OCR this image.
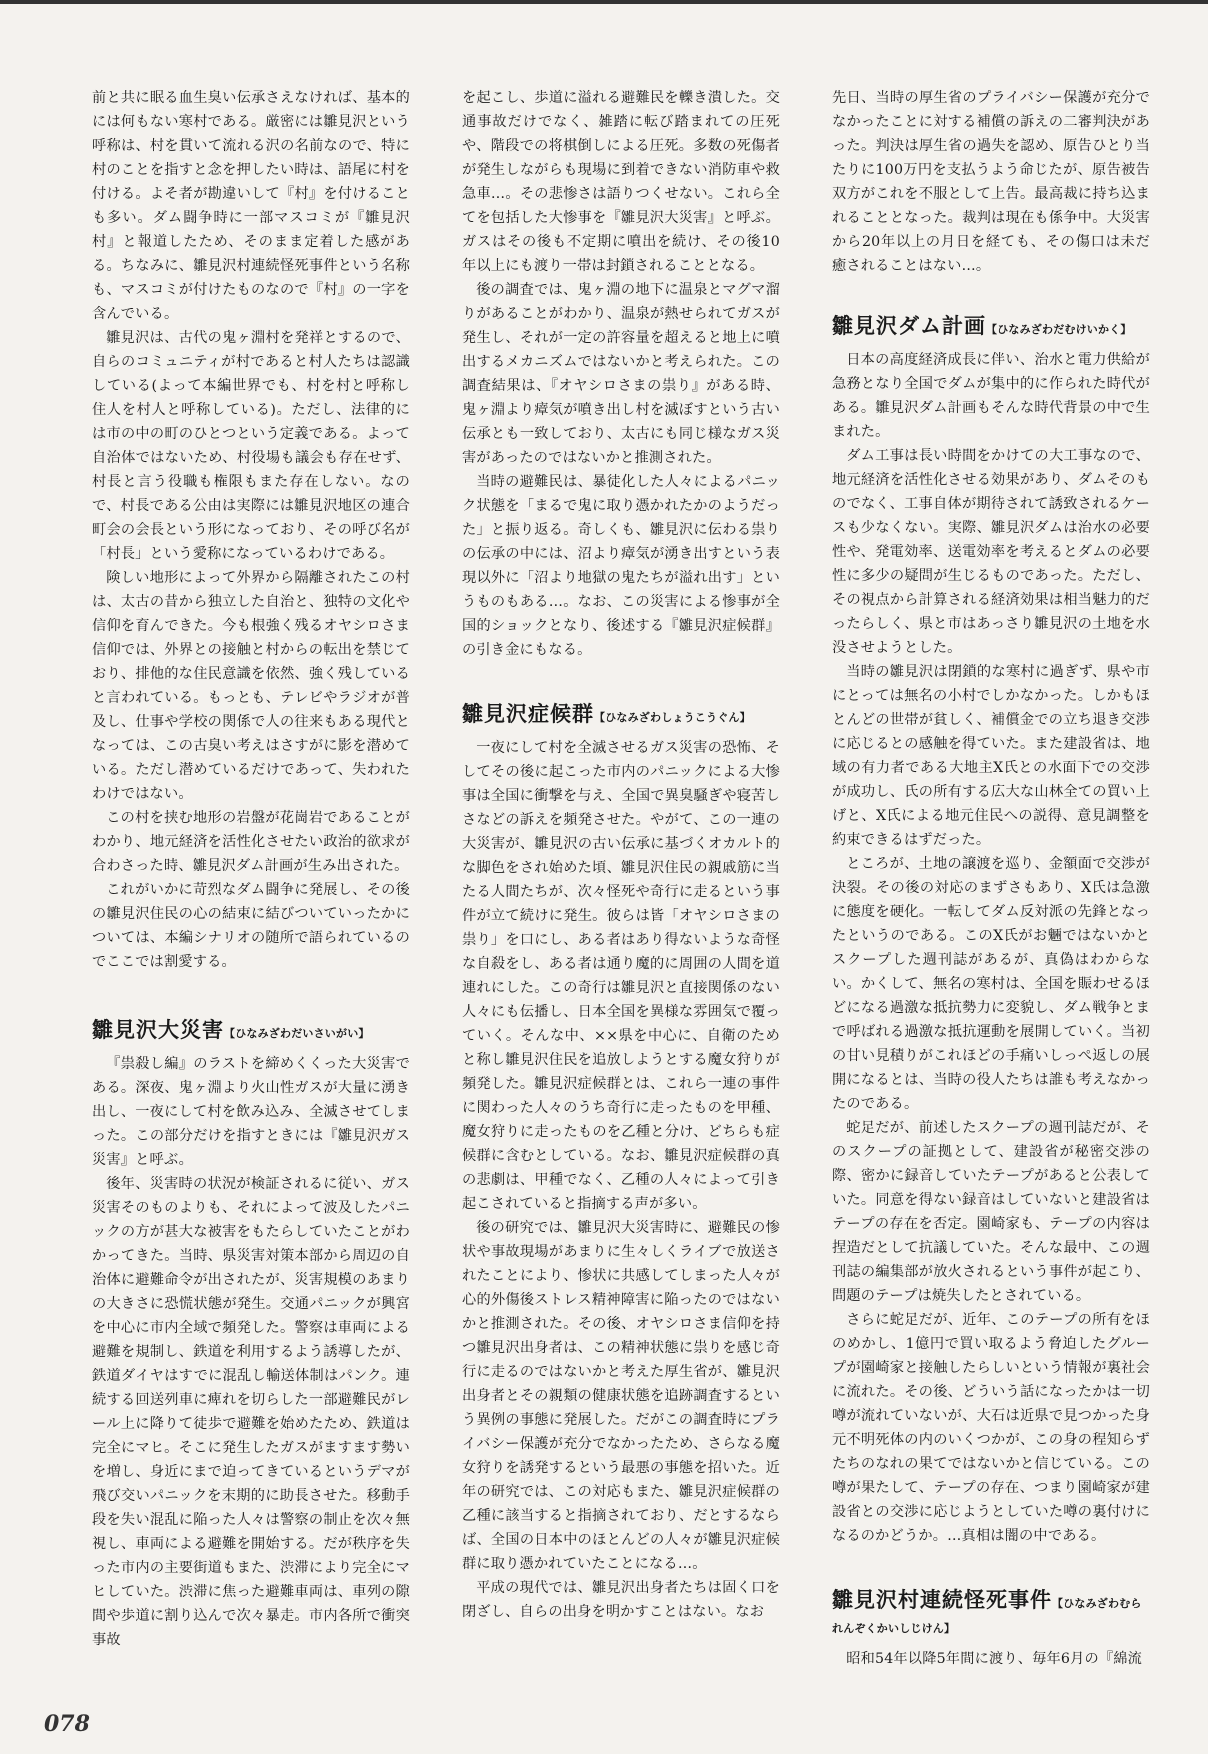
前と共に眠る血生臭い伝承さえなければ、基本的には何もない寒村である。厳密には雛見沢という呼称は、村を貫いて流れる沢の名前なので、特に村のことを指すと念を押したい時は、語尾に村を付ける。よそ者が勘違いして『村』を付けることも多い。ダム闘争時に一部マスコミが『雛見沢村』と報道したため、そのまま定着した感がある。ちなみに、雛見沢村連続怪死事件という名称も、マスコミが付けたものなので『村』の一字を含んでいる。

雛見沢は、古代の鬼ヶ淵村を発祥とするので、自らのコミュニティが村であると村人たちは認識している(よって本編世界でも、村を村と呼称し住人を村人と呼称している)。ただし、法律的には市の中の町のひとつという定義である。よって自治体ではないため、村役場も議会も存在せず、村長と言う役職も権限もまた存在しない。なので、村長である公由は実際には雛見沢地区の連合町会の会長という形になっており、その呼び名が「村長」という愛称になっているわけである。

険しい地形によって外界から隔離されたこの村は、太古の昔から独立した自治と、独特の文化や信仰を育んできた。今も根強く残るオヤシロさま信仰では、外界との接触と村からの転出を禁じており、排他的な住民意識を依然、強く残していると言われている。もっとも、テレビやラジオが普及し、仕事や学校の関係で人の往来もある現代となっては、この古臭い考えはさすがに影を潜めている。ただし潜めているだけであって、失われたわけではない。

この村を挟む地形の岩盤が花崗岩であることがわかり、地元経済を活性化させたい政治的欲求が合わさった時、雛見沢ダム計画が生み出された。

これがいかに苛烈なダム闘争に発展し、その後の雛見沢住民の心の結束に結びついていったかについては、本編シナリオの随所で語られているのでここでは割愛する。

雛見沢大災害【ひなみざわだいさいがい】

『祟殺し編』のラストを締めくくった大災害である。深夜、鬼ヶ淵より火山性ガスが大量に湧き出し、一夜にして村を飲み込み、全滅させてしまった。この部分だけを指すときには『雛見沢ガス災害』と呼ぶ。

後年、災害時の状況が検証されるに従い、ガス災害そのものよりも、それによって波及したパニックの方が甚大な被害をもたらしていたことがわかってきた。当時、県災害対策本部から周辺の自治体に避難命令が出されたが、災害規模のあまりの大きさに恐慌状態が発生。交通パニックが興宮を中心に市内全域で頻発した。警察は車両による避難を規制し、鉄道を利用するよう誘導したが、鉄道ダイヤはすでに混乱し輸送体制はパンク。連続する回送列車に痺れを切らした一部避難民がレール上に降りて徒歩で避難を始めたため、鉄道は完全にマヒ。そこに発生したガスがますます勢いを増し、身近にまで迫ってきているというデマが飛び交いパニックを末期的に助長させた。移動手段を失い混乱に陥った人々は警察の制止を次々無視し、車両による避難を開始する。だが秩序を失った市内の主要街道もまた、渋滞により完全にマヒしていた。渋滞に焦った避難車両は、車列の隙間や歩道に割り込んで次々暴走。市内各所で衝突事故

を起こし、歩道に溢れる避難民を轢き潰した。交通事故だけでなく、雑踏に転び踏まれての圧死や、階段での将棋倒しによる圧死。多数の死傷者が発生しながらも現場に到着できない消防車や救急車…。その悲惨さは語りつくせない。これら全てを包括した大惨事を『雛見沢大災害』と呼ぶ。ガスはその後も不定期に噴出を続け、その後10年以上にも渡り一帯は封鎖されることとなる。

後の調査では、鬼ヶ淵の地下に温泉とマグマ溜りがあることがわかり、温泉が熱せられてガスが発生し、それが一定の許容量を超えると地上に噴出するメカニズムではないかと考えられた。この調査結果は、『オヤシロさまの祟り』がある時、鬼ヶ淵より瘴気が噴き出し村を滅ぼすという古い伝承とも一致しており、太古にも同じ様なガス災害があったのではないかと推測された。

当時の避難民は、暴徒化した人々によるパニック状態を「まるで鬼に取り憑かれたかのようだった」と振り返る。奇しくも、雛見沢に伝わる祟りの伝承の中には、沼より瘴気が湧き出すという表現以外に「沼より地獄の鬼たちが溢れ出す」というものもある…。なお、この災害による惨事が全国的ショックとなり、後述する『雛見沢症候群』の引き金にもなる。

雛見沢症候群【ひなみざわしょうこうぐん】

一夜にして村を全滅させるガス災害の恐怖、そしてその後に起こった市内のパニックによる大惨事は全国に衝撃を与え、全国で異臭騒ぎや寝苦しさなどの訴えを頻発させた。やがて、この一連の大災害が、雛見沢の古い伝承に基づくオカルト的な脚色をされ始めた頃、雛見沢住民の親戚筋に当たる人間たちが、次々怪死や奇行に走るという事件が立て続けに発生。彼らは皆「オヤシロさまの祟り」を口にし、ある者はあり得ないような奇怪な自殺をし、ある者は通り魔的に周囲の人間を道連れにした。この奇行は雛見沢と直接関係のない人々にも伝播し、日本全国を異様な雰囲気で覆っていく。そんな中、××県を中心に、自衛のためと称し雛見沢住民を追放しようとする魔女狩りが頻発した。雛見沢症候群とは、これら一連の事件に関わった人々のうち奇行に走ったものを甲種、魔女狩りに走ったものを乙種と分け、どちらも症候群に含むとしている。なお、雛見沢症候群の真の悲劇は、甲種でなく、乙種の人々によって引き起こされていると指摘する声が多い。

後の研究では、雛見沢大災害時に、避難民の惨状や事故現場があまりに生々しくライブで放送されたことにより、惨状に共感してしまった人々が心的外傷後ストレス精神障害に陥ったのではないかと推測された。その後、オヤシロさま信仰を持つ雛見沢出身者は、この精神状態に祟りを感じ奇行に走るのではないかと考えた厚生省が、雛見沢出身者とその親類の健康状態を追跡調査するという異例の事態に発展した。だがこの調査時にプライバシー保護が充分でなかったため、さらなる魔女狩りを誘発するという最悪の事態を招いた。近年の研究では、この対応もまた、雛見沢症候群の乙種に該当すると指摘されており、だとするならば、全国の日本中のほとんどの人々が雛見沢症候群に取り憑かれていたことになる…。

平成の現代では、雛見沢出身者たちは固く口を閉ざし、自らの出身を明かすことはない。なお

先日、当時の厚生省のプライバシー保護が充分でなかったことに対する補償の訴えの二審判決があった。判決は厚生省の過失を認め、原告ひとり当たりに100万円を支払うよう命じたが、原告被告双方がこれを不服として上告。最高裁に持ち込まれることとなった。裁判は現在も係争中。大災害から20年以上の月日を経ても、その傷口は未だ癒されることはない…。

雛見沢ダム計画【ひなみざわだむけいかく】

日本の高度経済成長に伴い、治水と電力供給が急務となり全国でダムが集中的に作られた時代がある。雛見沢ダム計画もそんな時代背景の中で生まれた。

ダム工事は長い時間をかけての大工事なので、地元経済を活性化させる効果があり、ダムそのものでなく、工事自体が期待されて誘致されるケースも少なくない。実際、雛見沢ダムは治水の必要性や、発電効率、送電効率を考えるとダムの必要性に多少の疑問が生じるものであった。ただし、その視点から計算される経済効果は相当魅力的だったらしく、県と市はあっさり雛見沢の土地を水没させようとした。

当時の雛見沢は閉鎖的な寒村に過ぎず、県や市にとっては無名の小村でしかなかった。しかもほとんどの世帯が貧しく、補償金での立ち退き交渉に応じるとの感触を得ていた。また建設省は、地域の有力者である大地主X氏との水面下での交渉が成功し、氏の所有する広大な山林全ての買い上げと、X氏による地元住民への説得、意見調整を約束できるはずだった。

ところが、土地の譲渡を巡り、金額面で交渉が決裂。その後の対応のまずさもあり、X氏は急激に態度を硬化。一転してダム反対派の先鋒となったというのである。このX氏がお魎ではないかとスクープした週刊誌があるが、真偽はわからない。かくして、無名の寒村は、全国を賑わせるほどになる過激な抵抗勢力に変貌し、ダム戦争とまで呼ばれる過激な抵抗運動を展開していく。当初の甘い見積りがこれほどの手痛いしっぺ返しの展開になるとは、当時の役人たちは誰も考えなかったのである。

蛇足だが、前述したスクープの週刊誌だが、そのスクープの証拠として、建設省が秘密交渉の際、密かに録音していたテープがあると公表していた。同意を得ない録音はしていないと建設省はテープの存在を否定。園崎家も、テープの内容は捏造だとして抗議していた。そんな最中、この週刊誌の編集部が放火されるという事件が起こり、問題のテープは焼失したとされている。

さらに蛇足だが、近年、このテープの所有をほのめかし、1億円で買い取るよう脅迫したグループが園崎家と接触したらしいという情報が裏社会に流れた。その後、どういう話になったかは一切噂が流れていないが、大石は近県で見つかった身元不明死体の内のいくつかが、この身の程知らずたちのなれの果てではないかと信じている。この噂が果たして、テープの存在、つまり園崎家が建設省との交渉に応じようとしていた噂の裏付けになるのかどうか。…真相は闇の中である。

雛見沢村連続怪死事件【ひなみざわむられんぞくかいしじけん】

昭和54年以降5年間に渡り、毎年6月の『綿流

078
